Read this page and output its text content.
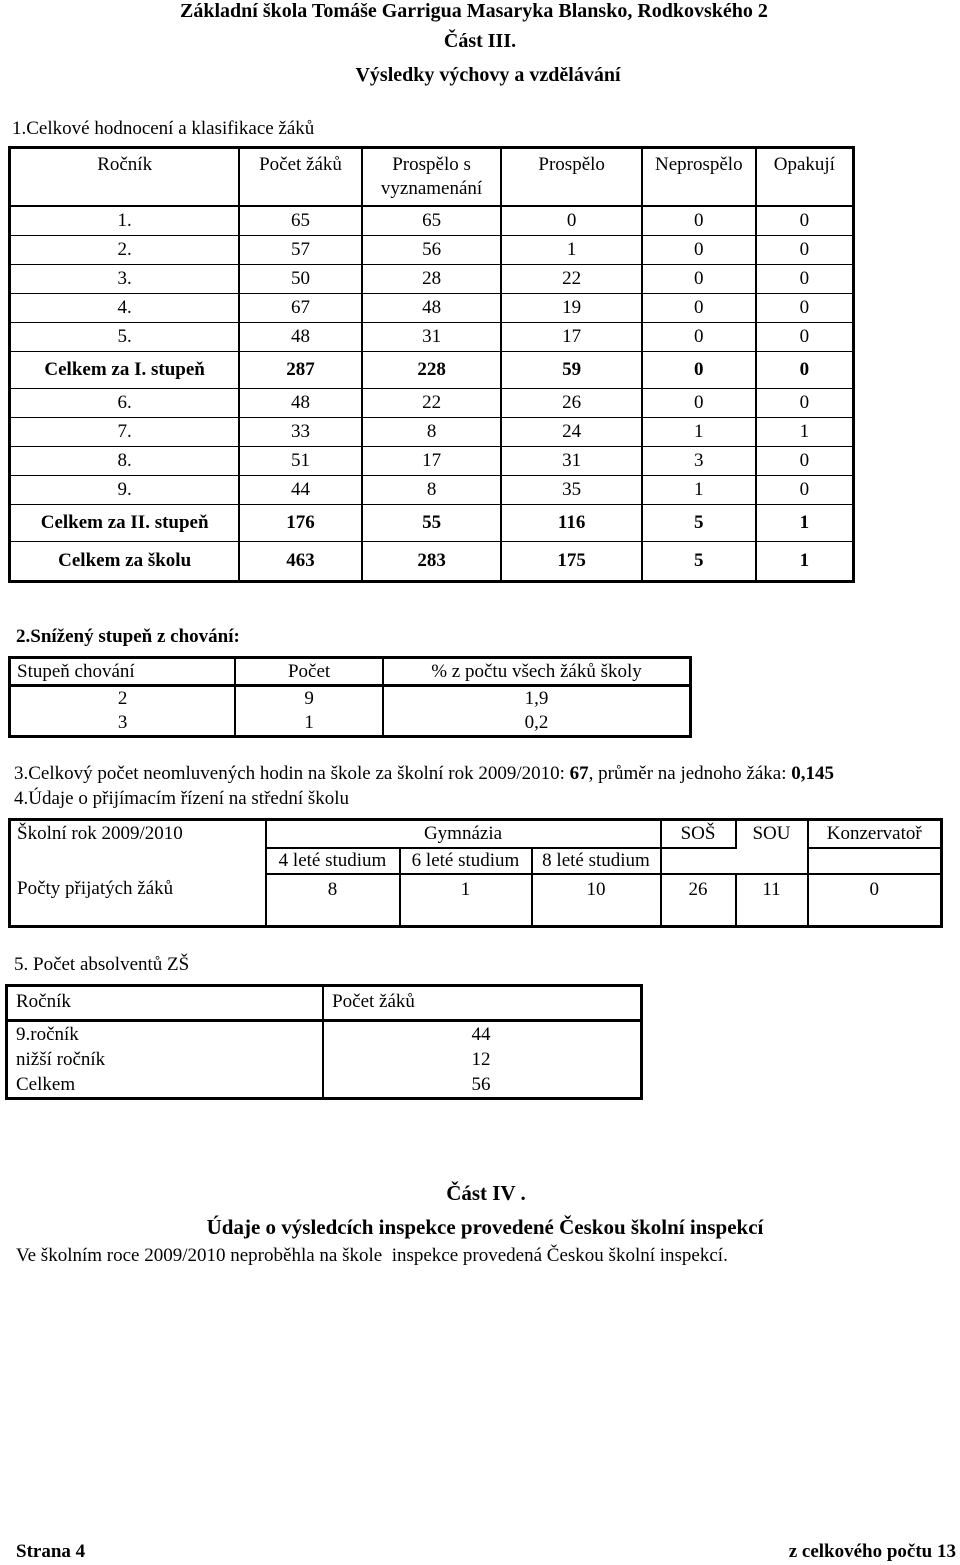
Základní škola Tomáše Garrigua Masaryka Blansko, Rodkovského 2
Část III.
Výsledky výchovy a vzdělávání
1.Celkové hodnocení a klasifikace žáků
Ročník	Počet žáků	Prospělo s vyznamenání	Prospělo	Neprospělo	Opakují
1.	65	65	0	0	0
2.	57	56	1	0	0
3.	50	28	22	0	0
4.	67	48	19	0	0
5.	48	31	17	0	0
Celkem za I. stupeň	287	228	59	0	0
6.	48	22	26	0	0
7.	33	8	24	1	1
8.	51	17	31	3	0
9.	44	8	35	1	0
Celkem za II. stupeň	176	55	116	5	1
Celkem za školu	463	283	175	5	1
2.Snížený stupeň z chování:
Stupeň chování	Počet	% z počtu všech žáků školy
2	9	1,9
3	1	0,2
3.Celkový počet neomluvených hodin na škole za školní rok 2009/2010: 67, průměr na jednoho žáka: 0,145
4.Údaje o přijímacím řízení na střední školu
Školní rok 2009/2010	Gymnázia			SOŠ	SOU	Konzervatoř
	4 leté studium	6 leté studium	8 leté studium			
Počty přijatých žáků	8	1	10	26	11	0
5. Počet absolventů ZŠ
Ročník	Počet žáků
9.ročník	44
nižší ročník	12
Celkem	56
Část IV .
Údaje o výsledcích inspekce provedené Českou školní inspekcí
Ve školním roce 2009/2010 neproběhla na škole  inspekce provedená Českou školní inspekcí.
Strana 4	z celkového počtu 13
